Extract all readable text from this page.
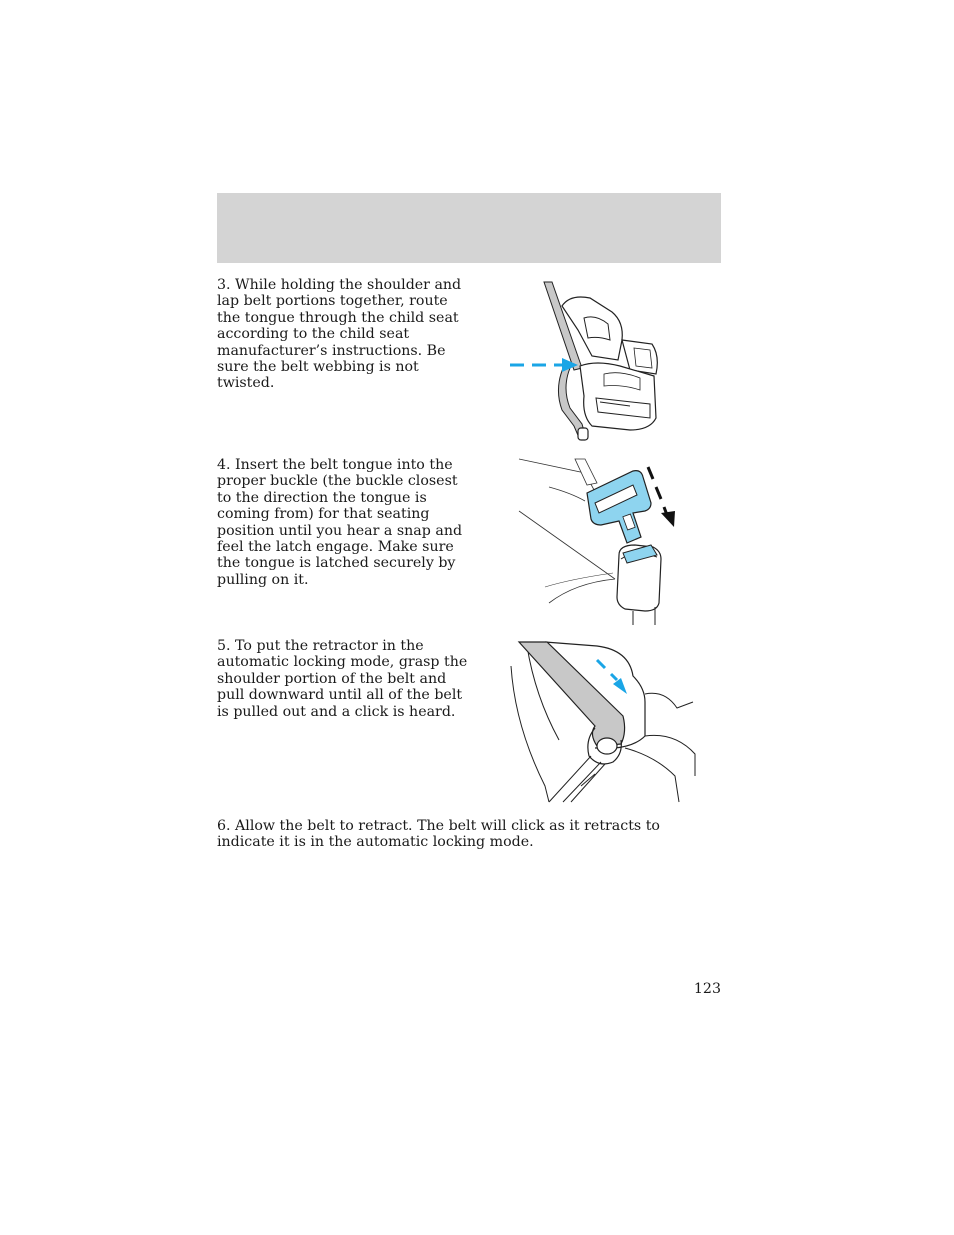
3. While holding the shoulder and lap belt portions together, route the tongue through the child seat according to the child seat manufacturer’s instructions. Be sure the belt webbing is not twisted.

4. Insert the belt tongue into the proper buckle (the buckle closest to the direction the tongue is coming from) for that seating position until you hear a snap and feel the latch engage. Make sure the tongue is latched securely by pulling on it.

5. To put the retractor in the automatic locking mode, grasp the shoulder portion of the belt and pull downward until all of the belt is pulled out and a click is heard.

6. Allow the belt to retract. The belt will click as it retracts to indicate it is in the automatic locking mode.

123
